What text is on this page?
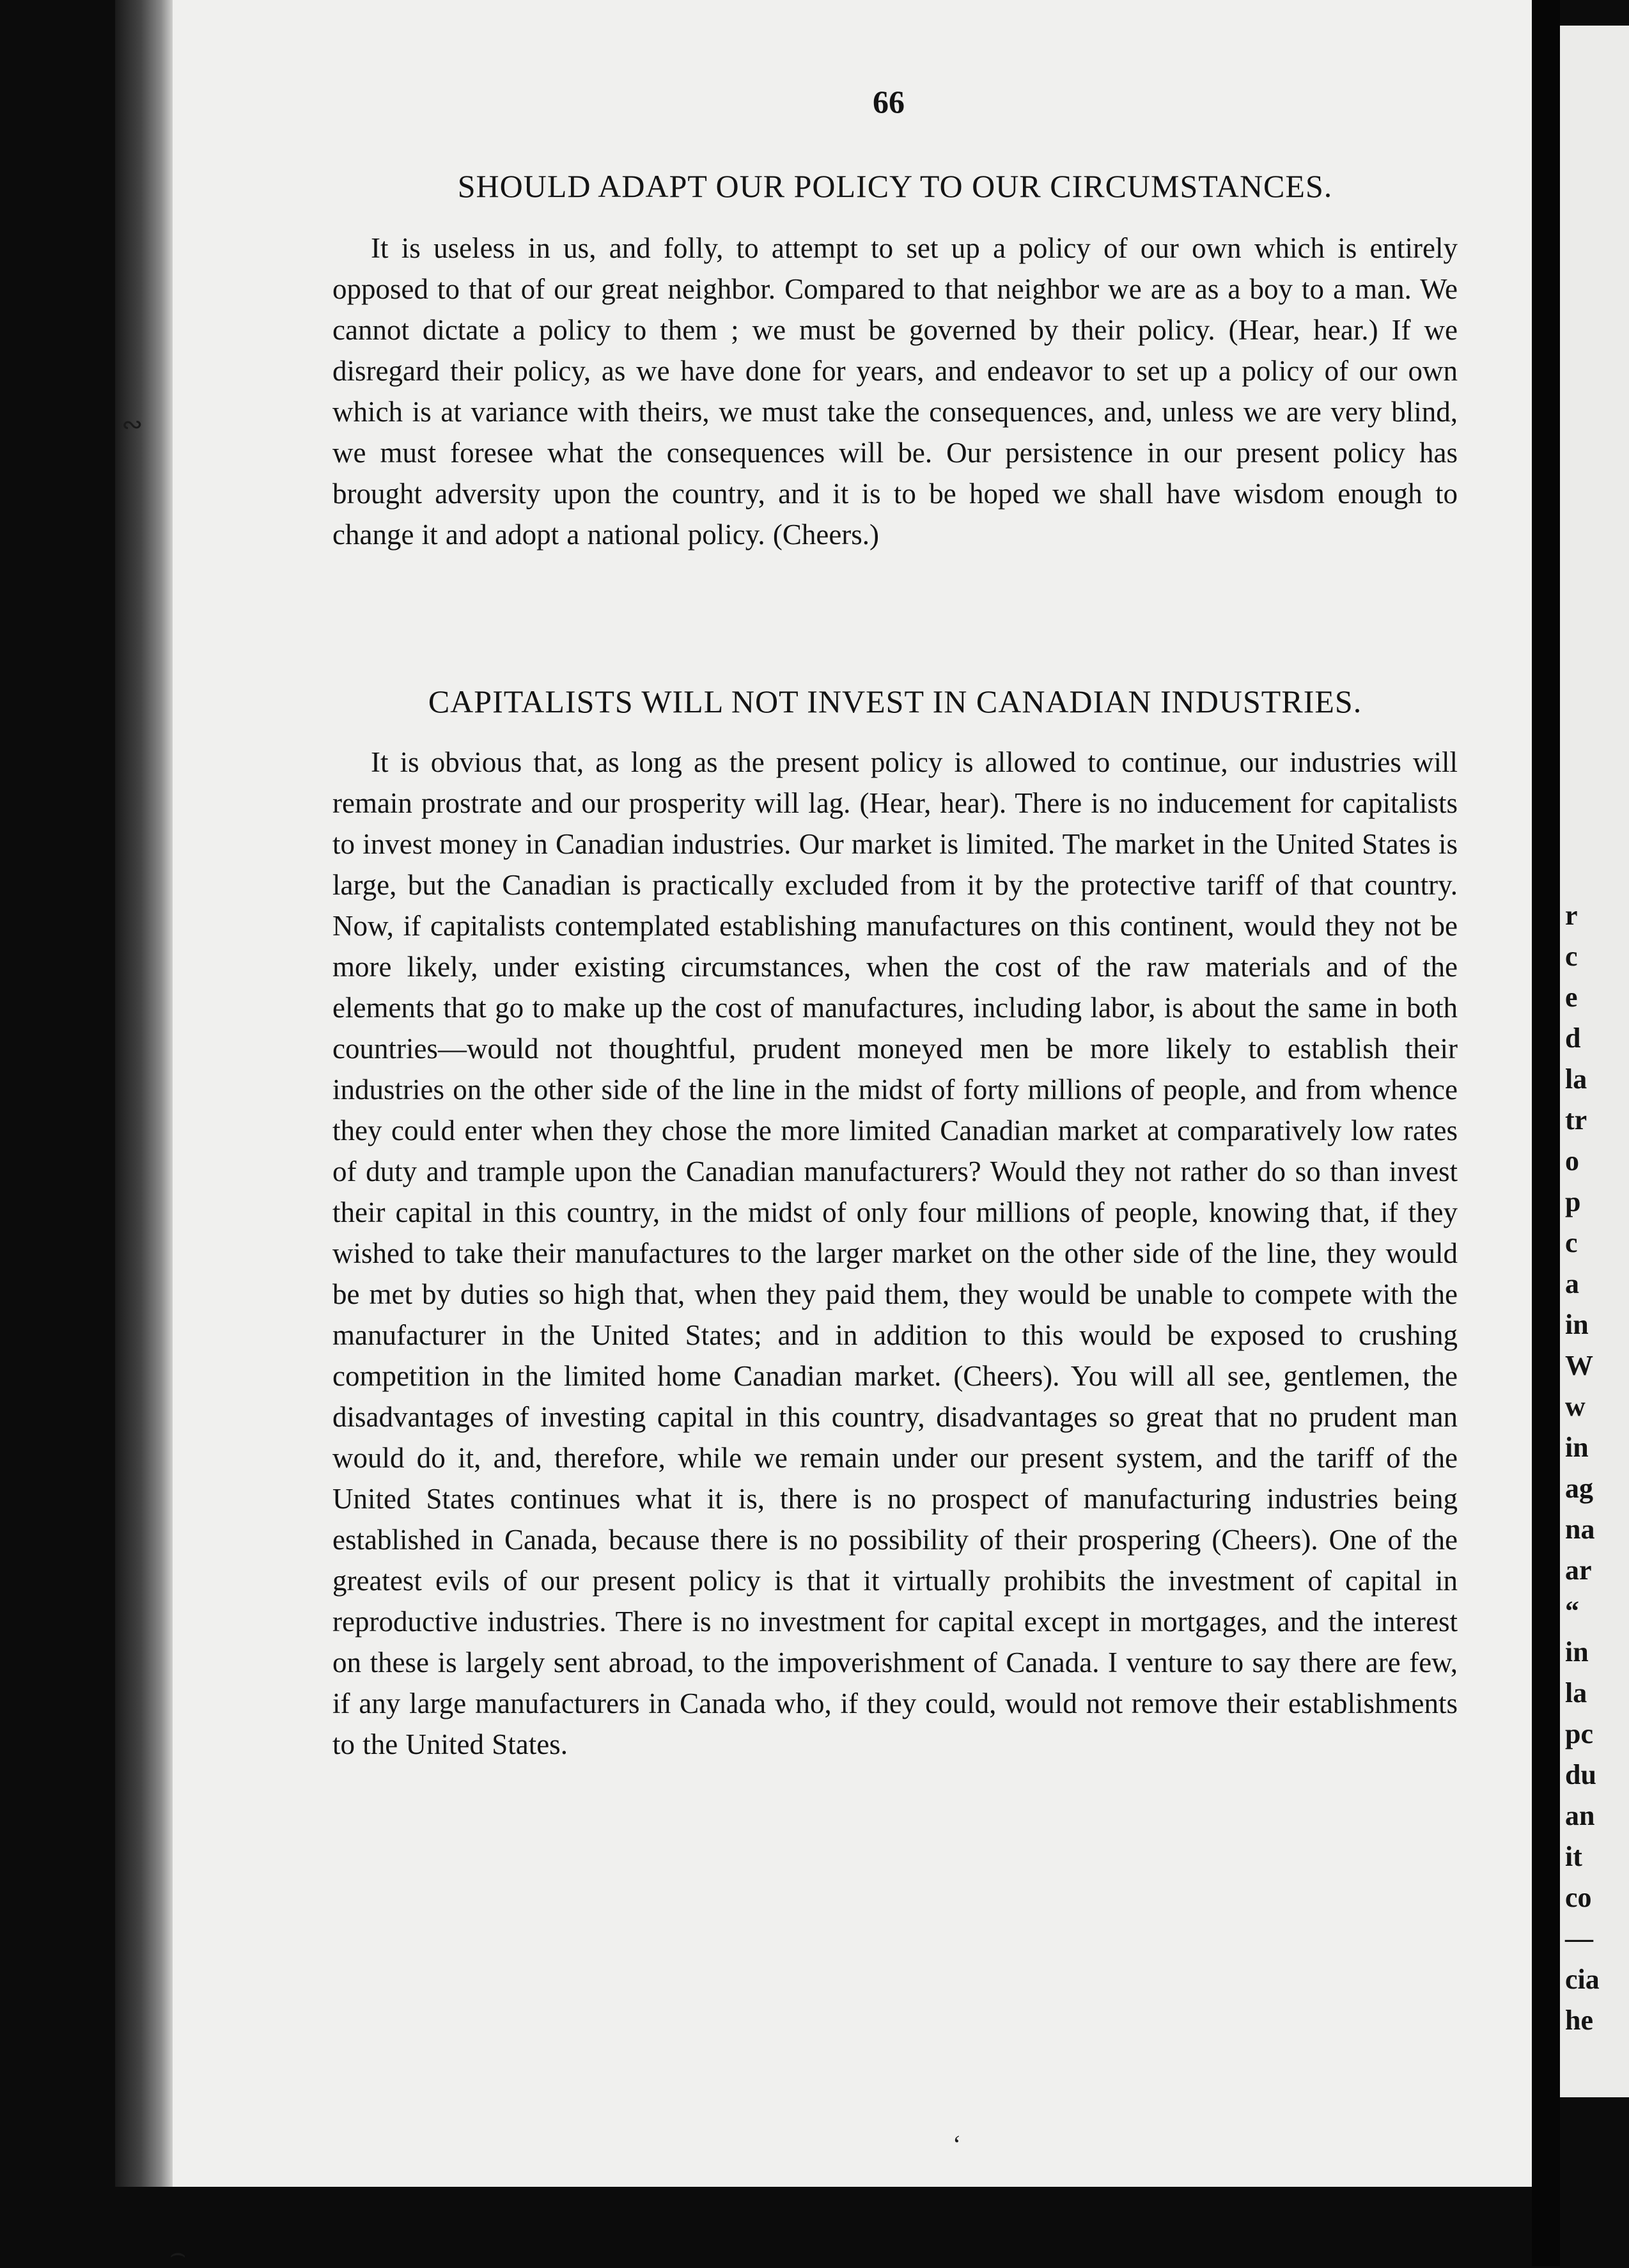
r
c
e
d
la
tr
o
p
c
a
in
W
w
in
ag
na
ar
“
in
la
pc
du
an
it
co
—
cia
he
66
SHOULD ADAPT OUR POLICY TO OUR CIRCUMSTANCES.

It is useless in us, and folly, to attempt to set up a policy of our own which is entirely opposed to that of our great neighbor. Compared to that neighbor we are as a boy to a man. We cannot dictate a policy to them ; we must be governed by their policy. (Hear, hear.) If we disregard their policy, as we have done for years, and endeavor to set up a policy of our own which is at variance with theirs, we must take the consequences, and, unless we are very blind, we must foresee what the consequences will be. Our persistence in our present policy has brought adversity upon the country, and it is to be hoped we shall have wisdom enough to change it and adopt a national policy. (Cheers.)

CAPITALISTS WILL NOT INVEST IN CANADIAN INDUSTRIES.

It is obvious that, as long as the present policy is allowed to continue, our industries will remain prostrate and our prosperity will lag. (Hear, hear). There is no inducement for capitalists to invest money in Canadian industries. Our market is limited. The market in the United States is large, but the Canadian is practically excluded from it by the protective tariff of that country. Now, if capitalists contemplated establishing manufactures on this continent, would they not be more likely, under existing circumstances, when the cost of the raw materials and of the elements that go to make up the cost of manufactures, including labor, is about the same in both countries—would not thoughtful, prudent moneyed men be more likely to establish their industries on the other side of the line in the midst of forty millions of people, and from whence they could enter when they chose the more limited Canadian market at comparatively low rates of duty and trample upon the Canadian manufacturers? Would they not rather do so than invest their capital in this country, in the midst of only four millions of people, knowing that, if they wished to take their manufactures to the larger market on the other side of the line, they would be met by duties so high that, when they paid them, they would be unable to compete with the manufacturer in the United States; and in addition to this would be exposed to crushing competition in the limited home Canadian market. (Cheers). You will all see, gentlemen, the disadvantages of investing capital in this country, disadvantages so great that no prudent man would do it, and, therefore, while we remain under our present system, and the tariff of the United States continues what it is, there is no prospect of manufacturing industries being established in Canada, because there is no possibility of their prospering (Cheers). One of the greatest evils of our present policy is that it virtually prohibits the investment of capital in reproductive industries. There is no investment for capital except in mortgages, and the interest on these is largely sent abroad, to the impoverishment of Canada. I venture to say there are few, if any large manufacturers in Canada who, if they could, would not remove their establishments to the United States.

∾
‘
⌢
